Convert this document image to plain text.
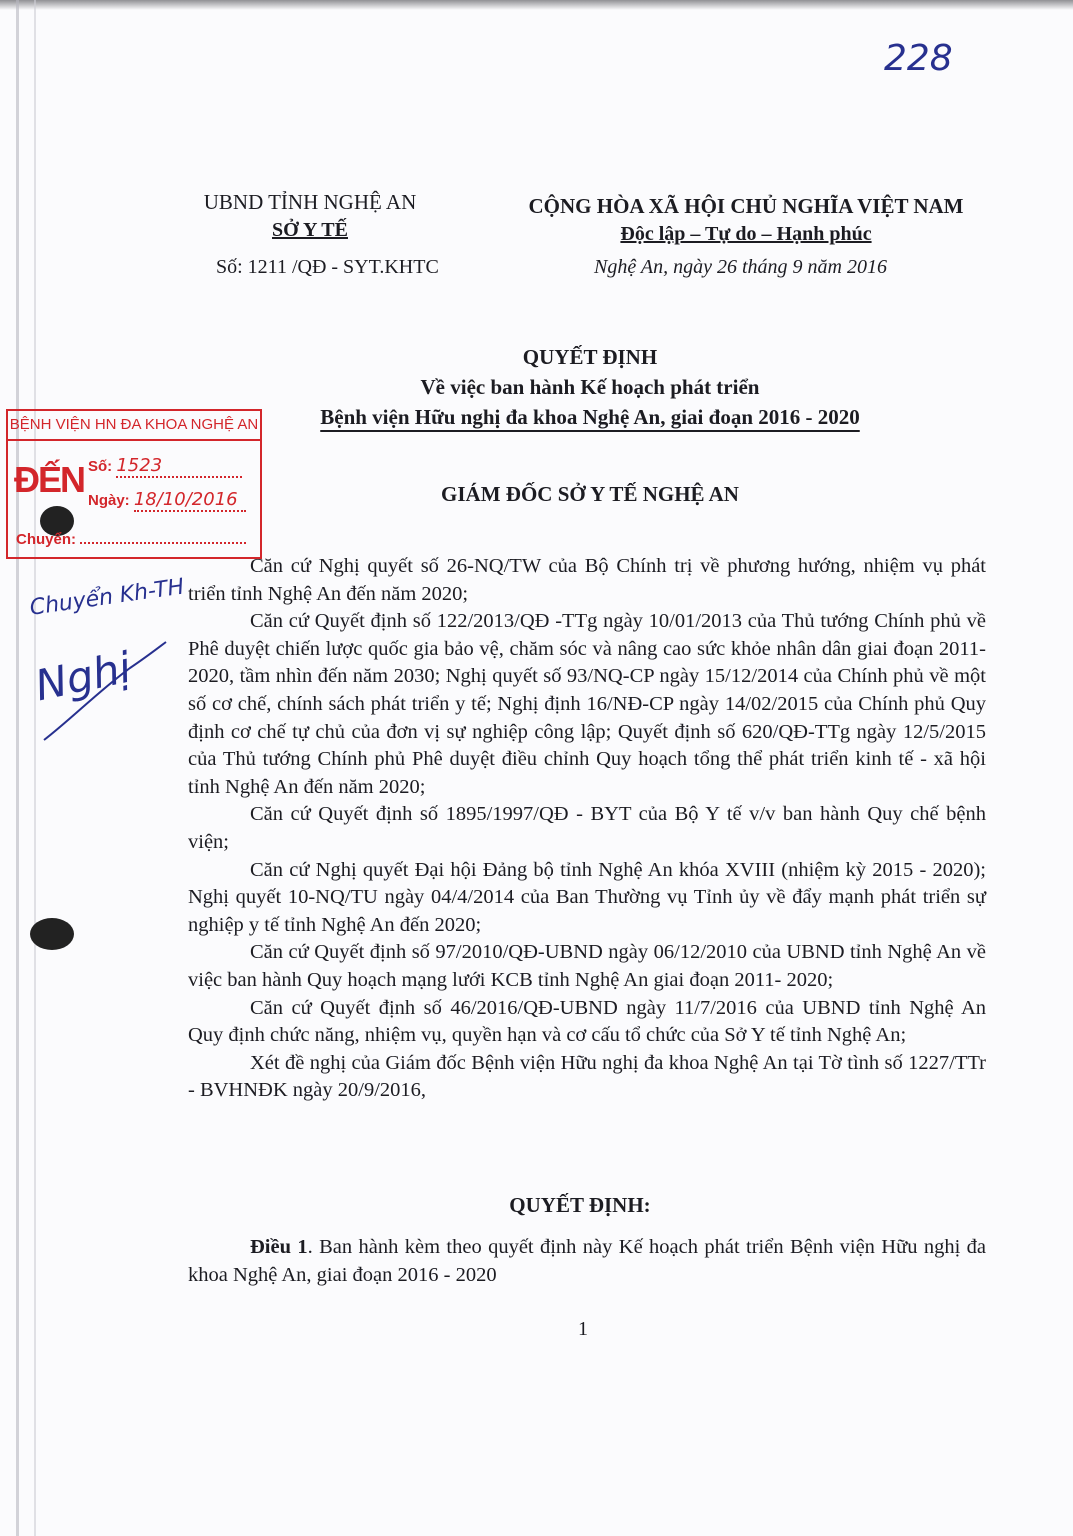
228
UBND TỈNH NGHỆ AN
SỞ Y TẾ
Số: 1211 /QĐ - SYT.KHTC
CỘNG HÒA XÃ HỘI CHỦ NGHĨA VIỆT NAM
Độc lập – Tự do – Hạnh phúc
Nghệ An, ngày 26 tháng 9 năm 2016
QUYẾT ĐỊNH
Về việc ban hành Kế hoạch phát triển
Bệnh viện Hữu nghị đa khoa Nghệ An, giai đoạn 2016 - 2020
GIÁM ĐỐC SỞ Y TẾ NGHỆ AN
BỆNH VIỆN HN ĐA KHOA NGHỆ AN
ĐẾN Số: 1523
Ngày: 18/10/2016
Chuyển:
Chuyển Kh-TH
Nghị

Căn cứ Nghị quyết số 26-NQ/TW của Bộ Chính trị về phương hướng, nhiệm vụ phát triển tỉnh Nghệ An đến năm 2020;

Căn cứ Quyết định số 122/2013/QĐ -TTg ngày 10/01/2013 của Thủ tướng Chính phủ về Phê duyệt chiến lược quốc gia bảo vệ, chăm sóc và nâng cao sức khỏe nhân dân giai đoạn 2011-2020, tầm nhìn đến năm 2030; Nghị quyết số 93/NQ-CP ngày 15/12/2014 của Chính phủ về một số cơ chế, chính sách phát triển y tế; Nghị định 16/NĐ-CP ngày 14/02/2015 của Chính phủ Quy định cơ chế tự chủ của đơn vị sự nghiệp công lập; Quyết định số 620/QĐ-TTg ngày 12/5/2015 của Thủ tướng Chính phủ Phê duyệt điều chỉnh Quy hoạch tổng thể phát triển kinh tế - xã hội tỉnh Nghệ An đến năm 2020;

Căn cứ Quyết định số 1895/1997/QĐ - BYT của Bộ Y tế v/v ban hành Quy chế bệnh viện;

Căn cứ Nghị quyết Đại hội Đảng bộ tỉnh Nghệ An khóa XVIII (nhiệm kỳ 2015 - 2020); Nghị quyết 10-NQ/TU ngày 04/4/2014 của Ban Thường vụ Tỉnh ủy về đẩy mạnh phát triển sự nghiệp y tế tỉnh Nghệ An đến 2020;

Căn cứ Quyết định số 97/2010/QĐ-UBND ngày 06/12/2010 của UBND tỉnh Nghệ An về việc ban hành Quy hoạch mạng lưới KCB tỉnh Nghệ An giai đoạn 2011- 2020;

Căn cứ Quyết định số 46/2016/QĐ-UBND ngày 11/7/2016 của UBND tỉnh Nghệ An Quy định chức năng, nhiệm vụ, quyền hạn và cơ cấu tổ chức của Sở Y tế tỉnh Nghệ An;

Xét đề nghị của Giám đốc Bệnh viện Hữu nghị đa khoa Nghệ An tại Tờ tình số 1227/TTr - BVHNĐK ngày 20/9/2016,

QUYẾT ĐỊNH:

Điều 1. Ban hành kèm theo quyết định này Kế hoạch phát triển Bệnh viện Hữu nghị đa khoa Nghệ An, giai đoạn 2016 - 2020

1
